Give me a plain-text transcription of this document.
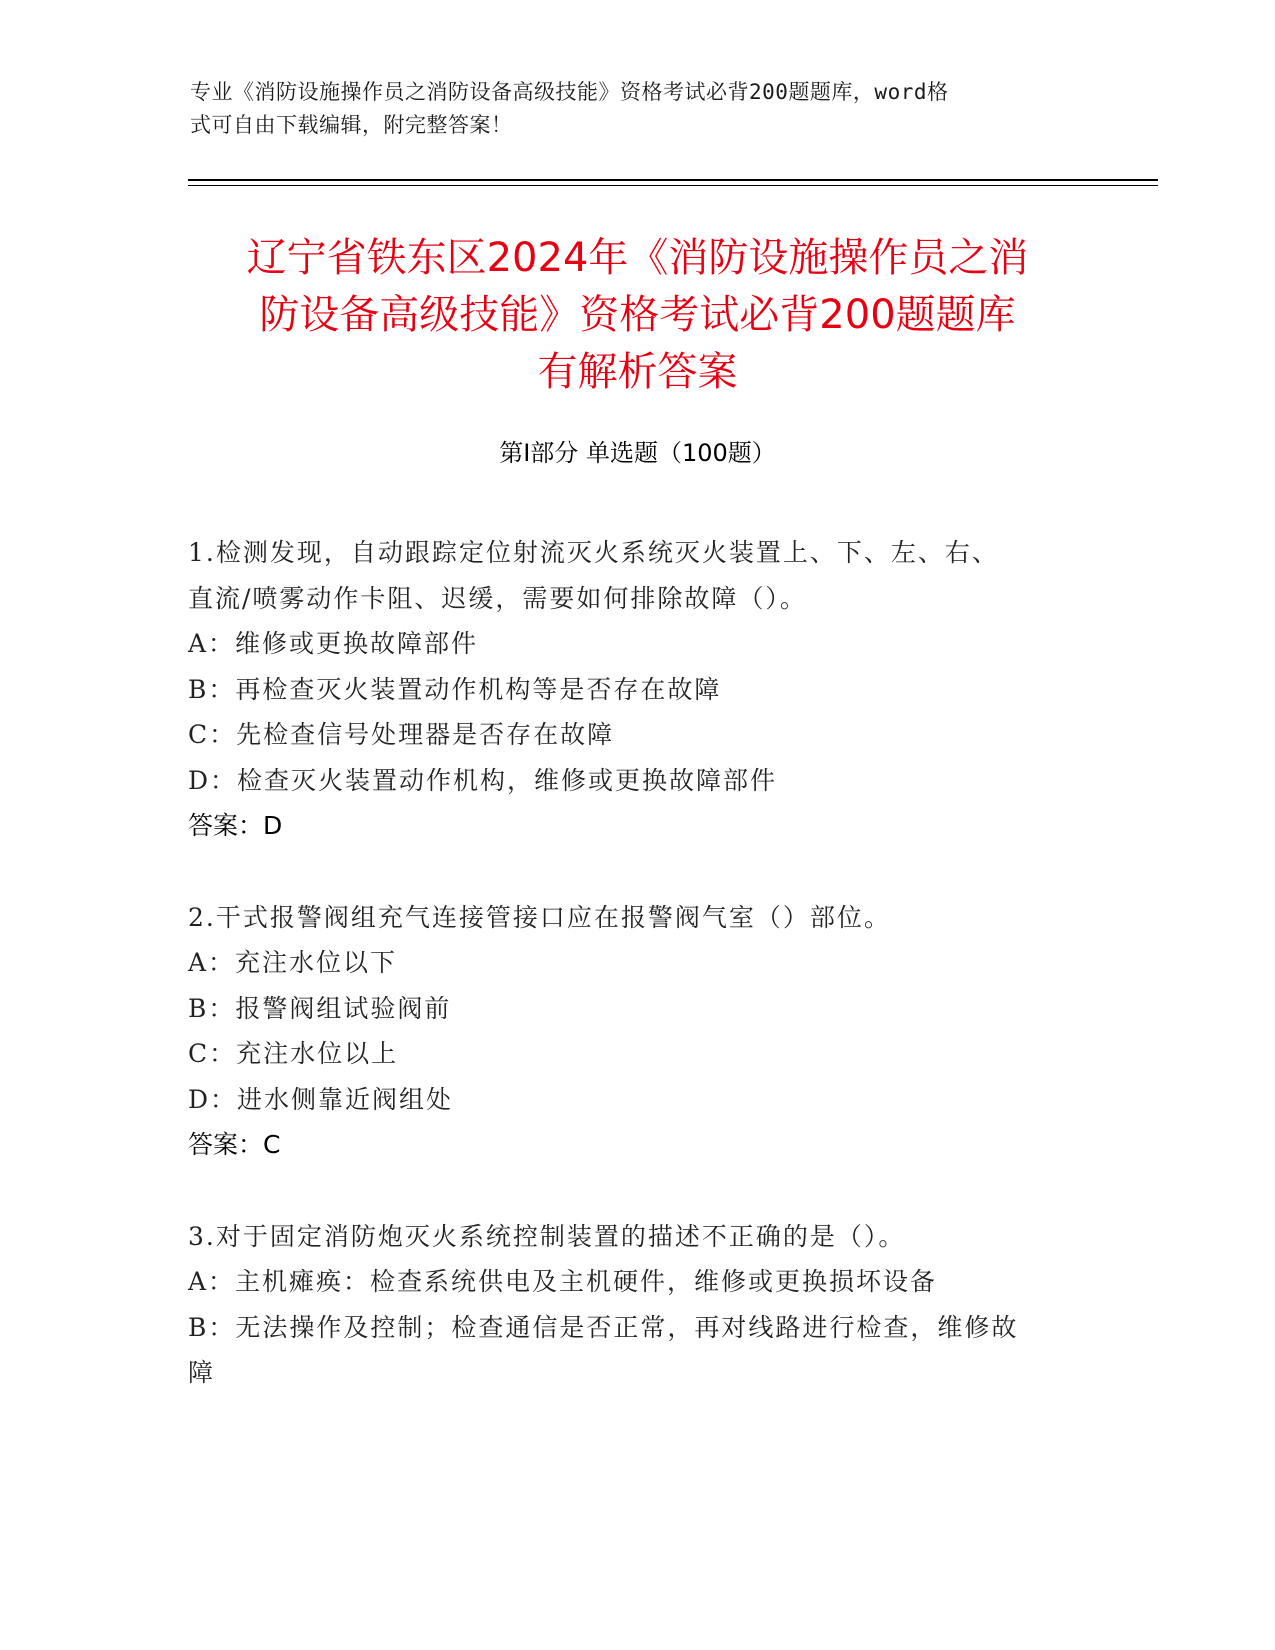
专业《消防设施操作员之消防设备高级技能》资格考试必背200题题库，word格
式可自由下载编辑，附完整答案！
辽宁省铁东区2024年《消防设施操作员之消
防设备高级技能》资格考试必背200题题库
有解析答案
第Ⅰ部分 单选题（100题）
1.检测发现，自动跟踪定位射流灭火系统灭火装置上、下、左、右、
直流/喷雾动作卡阻、迟缓，需要如何排除故障（）。
A：维修或更换故障部件
B：再检查灭火装置动作机构等是否存在故障
C：先检查信号处理器是否存在故障
D：检查灭火装置动作机构，维修或更换故障部件
答案：D
2.干式报警阀组充气连接管接口应在报警阀气室（）部位。
A：充注水位以下
B：报警阀组试验阀前
C：充注水位以上
D：进水侧靠近阀组处
答案：C
3.对于固定消防炮灭火系统控制装置的描述不正确的是（）。
A：主机瘫痪：检查系统供电及主机硬件，维修或更换损坏设备
B：无法操作及控制；检查通信是否正常，再对线路进行检查，维修故
障
